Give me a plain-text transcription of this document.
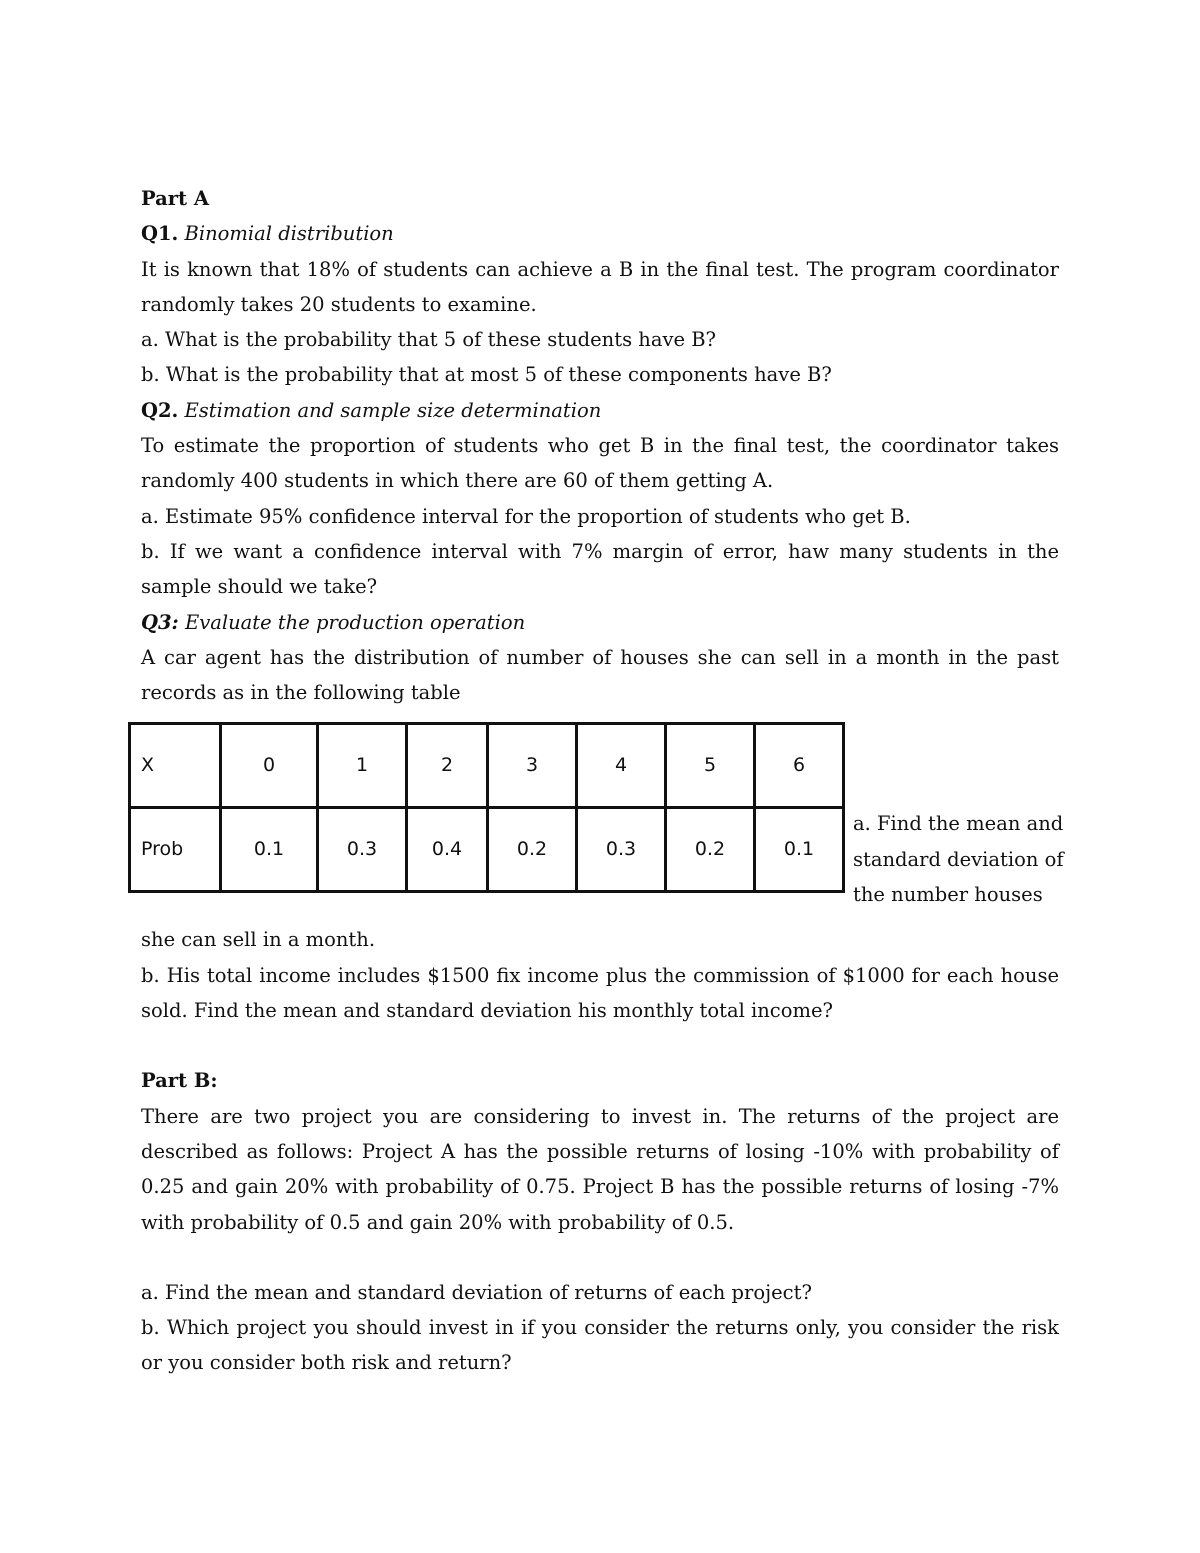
Part A

Q1. Binomial distribution

It is known that 18% of students can achieve a B in the final test. The program coordinator randomly takes 20 students to examine.

a. What is the probability that 5 of these students have B?

b. What is the probability that at most 5 of these components have B?

Q2. Estimation and sample size determination

To estimate the proportion of students who get B in the final test, the coordinator takes randomly 400 students in which there are 60 of them getting A.

a. Estimate 95% confidence interval for the proportion of students who get B.

b. If we want a confidence interval with 7% margin of error, haw many students in the sample should we take?

Q3: Evaluate the production operation

A car agent has the distribution of number of houses she can sell in a month in the past records as in the following table

X	0	1	2	3	4	5	6
Prob	0.1	0.3	0.4	0.2	0.3	0.2	0.1
a. Find the mean and standard deviation of the number houses

she can sell in a month.

b. His total income includes $1500 fix income plus the commission of $1000 for each house sold. Find the mean and standard deviation his monthly total income?

Part B:

There are two project you are considering to invest in. The returns of the project are described as follows: Project A has the possible returns of losing -10% with probability of 0.25 and gain 20% with probability of 0.75. Project B has the possible returns of losing -7% with probability of 0.5 and gain 20% with probability of 0.5.

a. Find the mean and standard deviation of returns of each project?

b. Which project you should invest in if you consider the returns only, you consider the risk or you consider both risk and return?
